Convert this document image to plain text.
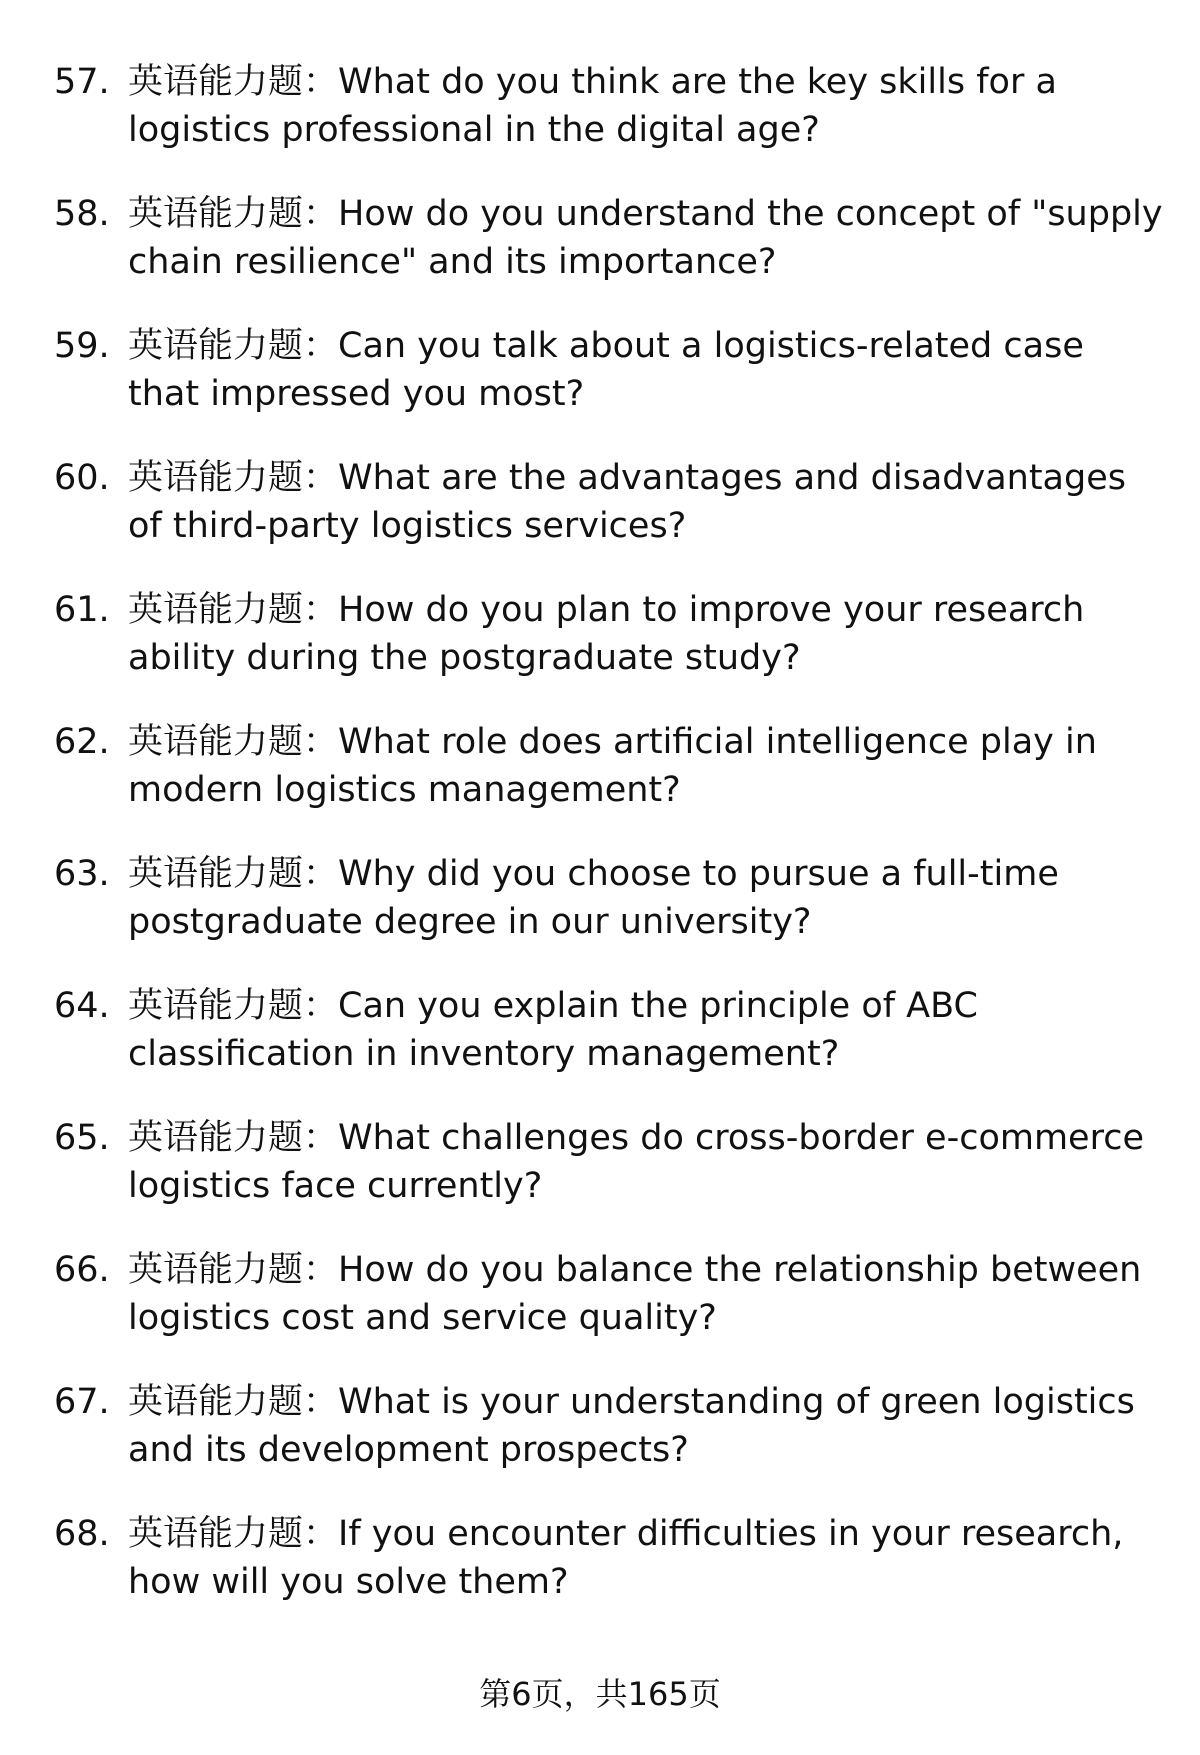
57. 英语能力题：What do you think are the key skills for a logistics professional in the digital age?
58. 英语能力题：How do you understand the concept of "supply chain resilience" and its importance?
59. 英语能力题：Can you talk about a logistics-related case that impressed you most?
60. 英语能力题：What are the advantages and disadvantages of third-party logistics services?
61. 英语能力题：How do you plan to improve your research ability during the postgraduate study?
62. 英语能力题：What role does artificial intelligence play in modern logistics management?
63. 英语能力题：Why did you choose to pursue a full-time postgraduate degree in our university?
64. 英语能力题：Can you explain the principle of ABC classification in inventory management?
65. 英语能力题：What challenges do cross-border e-commerce logistics face currently?
66. 英语能力题：How do you balance the relationship between logistics cost and service quality?
67. 英语能力题：What is your understanding of green logistics and its development prospects?
68. 英语能力题：If you encounter difficulties in your research, how will you solve them?
第6页，共165页
